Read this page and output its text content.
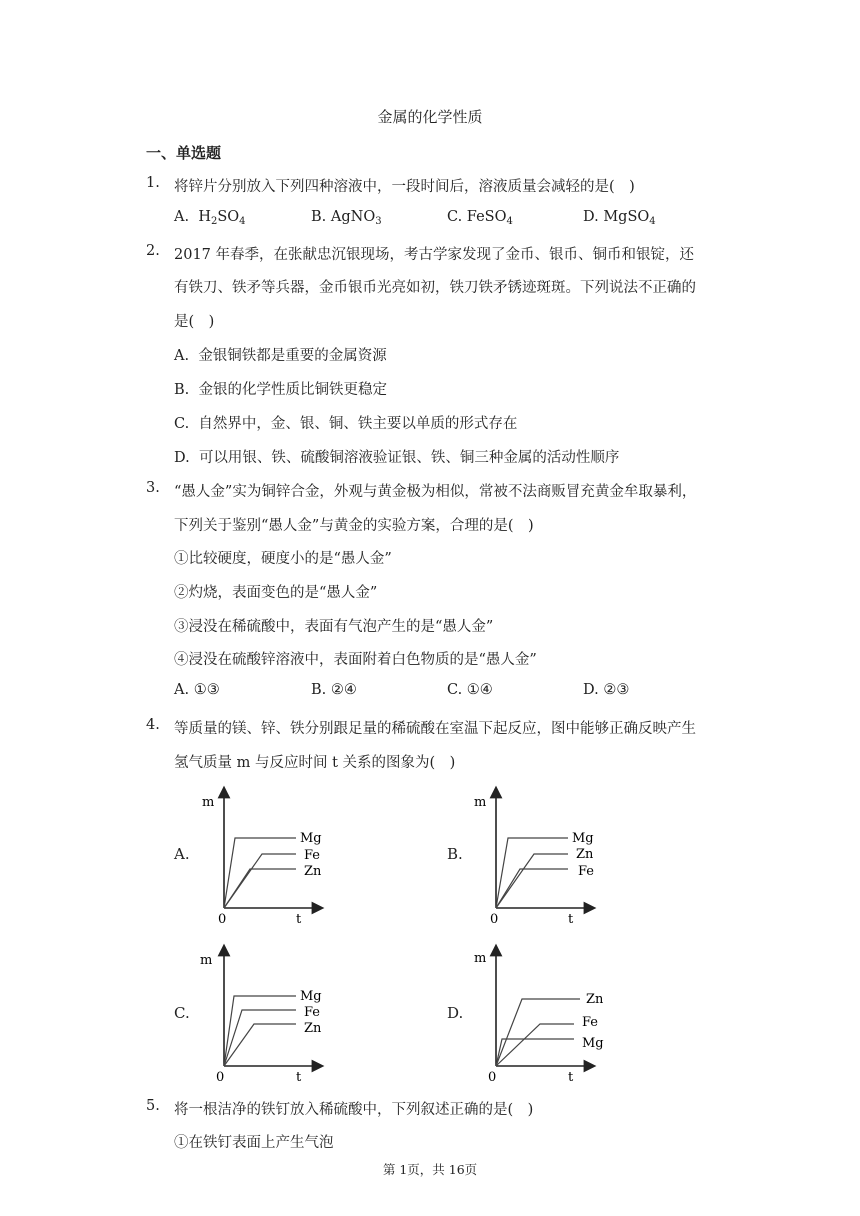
金属的化学性质
一、单选题
1. 将锌片分别放入下列四种溶液中，一段时间后，溶液质量会减轻的是(　)
A. $H_2SO_4$	B. AgNO$_3$	C. FeSO$_4$	D. MgSO$_4$
2. 2017 年春季，在张献忠沉银现场，考古学家发现了金币、银币、铜币和银锭，还
有铁刀、铁矛等兵器，金币银币光亮如初，铁刀铁矛锈迹斑斑。下列说法不正确的
是(　)
A. 金银铜铁都是重要的金属资源
B. 金银的化学性质比铜铁更稳定
C. 自然界中，金、银、铜、铁主要以单质的形式存在
D. 可以用银、铁、硫酸铜溶液验证银、铁、铜三种金属的活动性顺序
3. “愚人金”实为铜锌合金，外观与黄金极为相似，常被不法商贩冒充黄金牟取暴利，
下列关于鉴别“愚人金”与黄金的实验方案，合理的是(　)
①比较硬度，硬度小的是“愚人金”
②灼烧，表面变色的是“愚人金”
③浸没在稀硫酸中，表面有气泡产生的是“愚人金”
④浸没在硫酸锌溶液中，表面附着白色物质的是“愚人金”
A. ①③	B. ②④	C. ①④	D. ②③
4. 等质量的镁、锌、铁分别跟足量的稀硫酸在室温下起反应，图中能够正确反映产生
氢气质量 m 与反应时间 t 关系的图象为(　)
A.
m
0	t
Mg
Fe
Zn
B.
m
0	t
Mg
Zn
Fe
C.
m
0	t
Mg
Fe
Zn
D.
m
0	t
Zn
Fe
Mg
5. 将一根洁净的铁钉放入稀硫酸中，下列叙述正确的是(　)
①在铁钉表面上产生气泡
第 1页，共 16页
